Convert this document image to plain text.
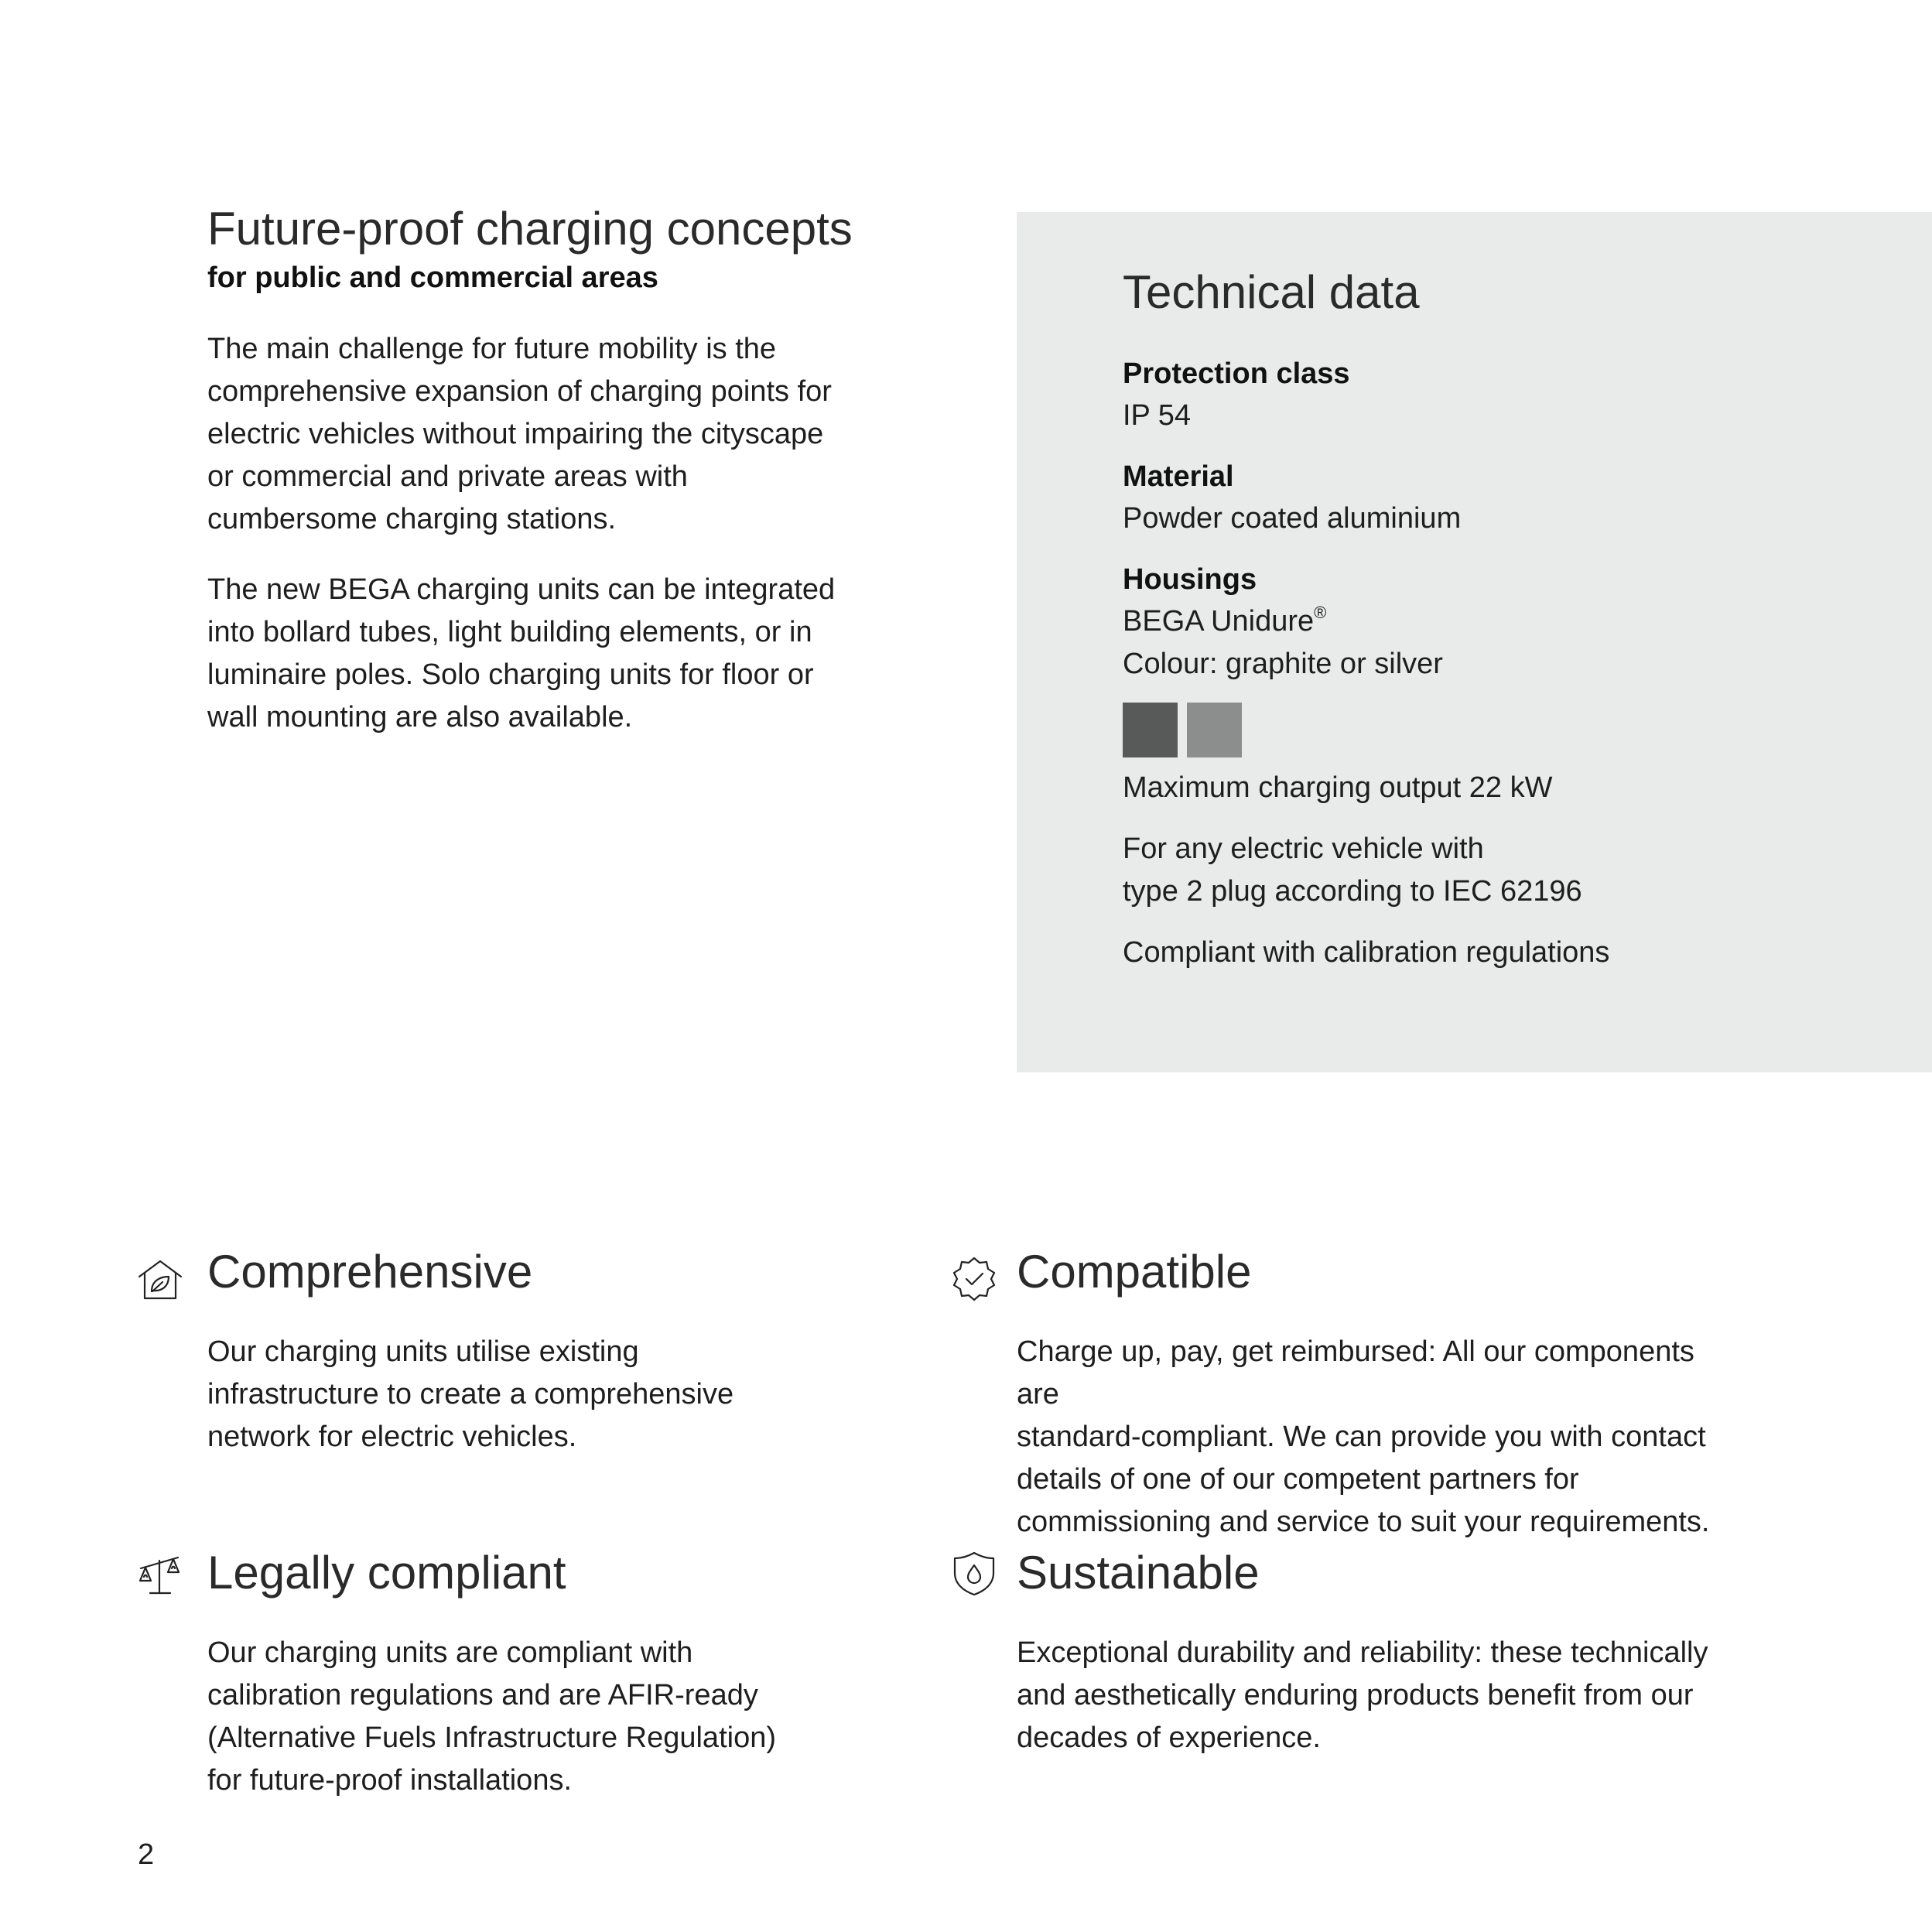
Future-proof charging concepts
for public and commercial areas

The main challenge for future mobility is the
comprehensive expansion of charging points for
electric vehicles without impairing the cityscape
or commercial and private areas with
cumbersome charging stations.

The new BEGA charging units can be integrated
into bollard tubes, light building elements, or in
luminaire poles. Solo charging units for floor or
wall mounting are also available.

Technical data
Protection class
IP 54
Material
Powder coated aluminium
Housings
BEGA Unidure®
Colour: graphite or silver

Maximum charging output 22 kW

For any electric vehicle with
type 2 plug according to IEC 62196

Compliant with calibration regulations

Comprehensive

Our charging units utilise existing
infrastructure to create a comprehensive
network for electric vehicles.

Compatible

Charge up, pay, get reimbursed: All our components are
standard-compliant. We can provide you with contact
details of one of our competent partners for
commissioning and service to suit your requirements.

Legally compliant

Our charging units are compliant with
calibration regulations and are AFIR-ready
(Alternative Fuels Infrastructure Regulation)
for future-proof installations.

Sustainable

Exceptional durability and reliability: these technically
and aesthetically enduring products benefit from our
decades of experience.

2
